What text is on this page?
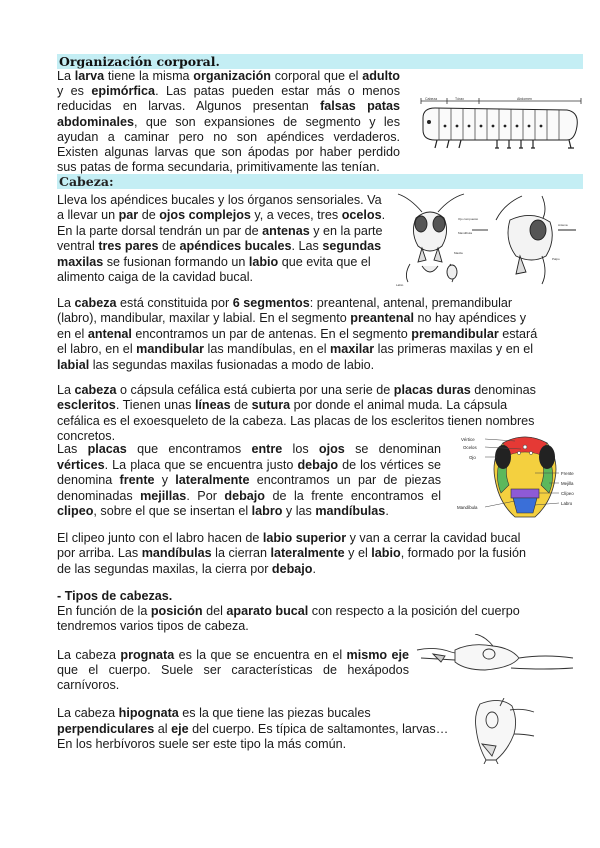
Organización corporal.

La larva tiene la misma organización corporal que el adulto y es epimórfica. Las patas pueden estar más o menos reducidas en larvas. Algunos presentan falsas patas abdominales, que son expansiones de segmento y les ayudan a caminar pero no son apéndices verdaderos. Existen algunas larvas que son ápodas por haber perdido sus patas de forma secundaria, primitivamente las tenían.

Cabeza	Tórax	Abdomen
Cabeza:

Lleva los apéndices bucales y los órganos sensoriales. Va a llevar un par de ojos complejos y, a veces, tres ocelos. En la parte dorsal tendrán un par de antenas y en la parte ventral tres pares de apéndices bucales. Las segundas maxilas se fusionan formando un labio que evita que el alimento caiga de la cavidad bucal.

Ojo compuesto
Mandíbula
Maxila
Labio
Antena
Palpo

La cabeza está constituida por 6 segmentos: preantenal, antenal, premandibular (labro), mandibular, maxilar y labial. En el segmento preantenal no hay apéndices y en el antenal encontramos un par de antenas. En el segmento premandibular estará el labro, en el mandibular las mandíbulas, en el maxilar las primeras maxilas y en el labial las segundas maxilas fusionadas a modo de labio.

La cabeza o cápsula cefálica está cubierta por una serie de placas duras denominas escleritos. Tienen unas líneas de sutura por donde el animal muda. La cápsula cefálica es el exoesqueleto de la cabeza. Las placas de los escleritos tienen nombres concretos.

Las placas que encontramos entre los ojos se denominan vértices. La placa que se encuentra justo debajo de los vértices se denomina frente y lateralmente encontramos un par de piezas denominadas mejillas. Por debajo de la frente encontramos el clipeo, sobre el que se insertan el labro y las mandíbulas.

Vértice
Ocelos
Ojo
Frente
Mejilla
Clípeo
Mandíbula
Labro

El clipeo junto con el labro hacen de labio superior y van a cerrar la cavidad bucal por arriba. Las mandíbulas la cierran lateralmente y el labio, formado por la fusión de las segundas maxilas, la cierra por debajo.

- Tipos de cabezas.

En función de la posición del aparato bucal con respecto a la posición del cuerpo tendremos varios tipos de cabeza.

La cabeza prognata es la que se encuentra en el mismo eje que el cuerpo. Suele ser características de hexápodos carnívoros.

La cabeza hipognata es la que tiene las piezas bucales perpendiculares al eje del cuerpo. Es típica de saltamontes, larvas… En los herbívoros suele ser este tipo la más común.
